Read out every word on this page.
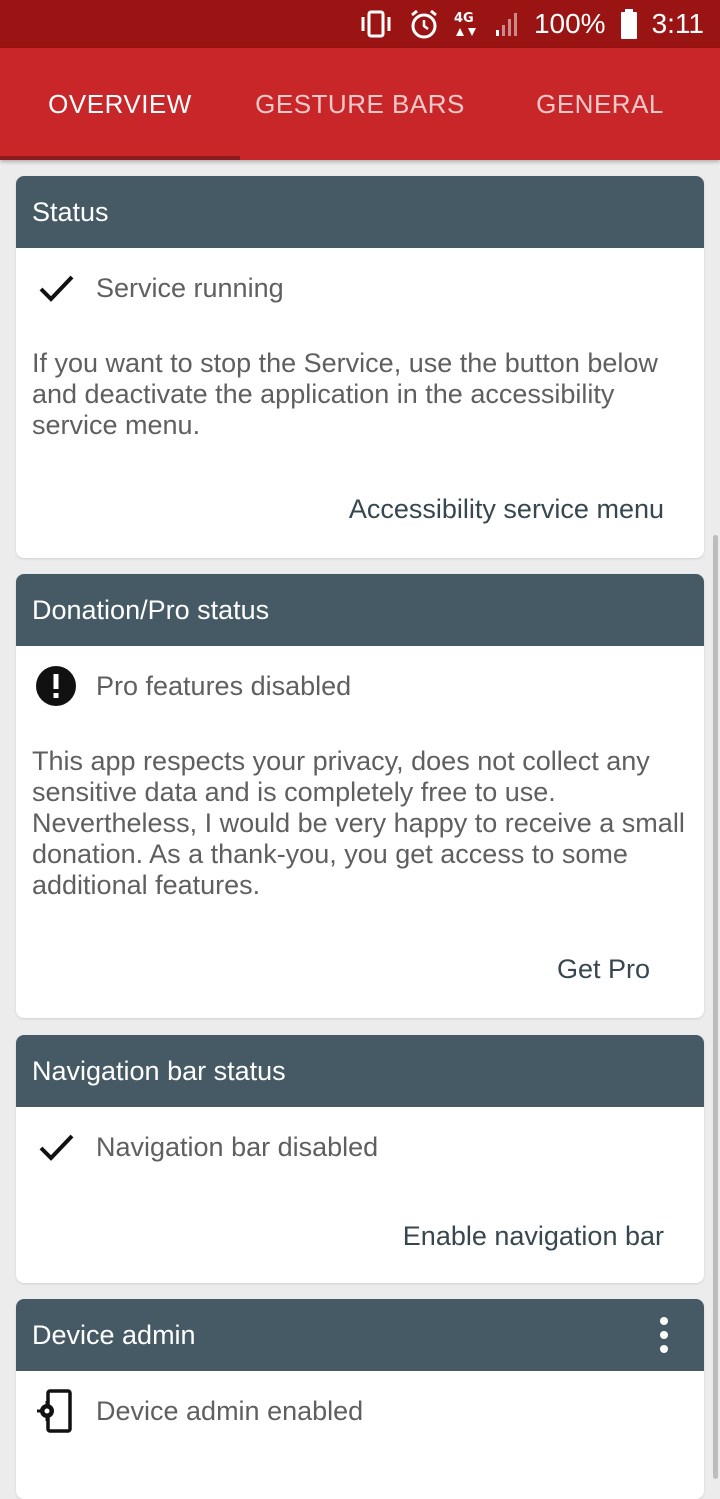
4G 100% 3:11
OVERVIEW	GESTURE BARS	GENERAL
Status
Service running

If you want to stop the Service, use the button below and deactivate the application in the accessibility service menu.

Accessibility service menu
Donation/Pro status
Pro features disabled

This app respects your privacy, does not collect any sensitive data and is completely free to use. Nevertheless, I would be very happy to receive a small donation. As a thank-you, you get access to some additional features.

Get Pro
Navigation bar status
Navigation bar disabled
Enable navigation bar
Device admin
Device admin enabled
